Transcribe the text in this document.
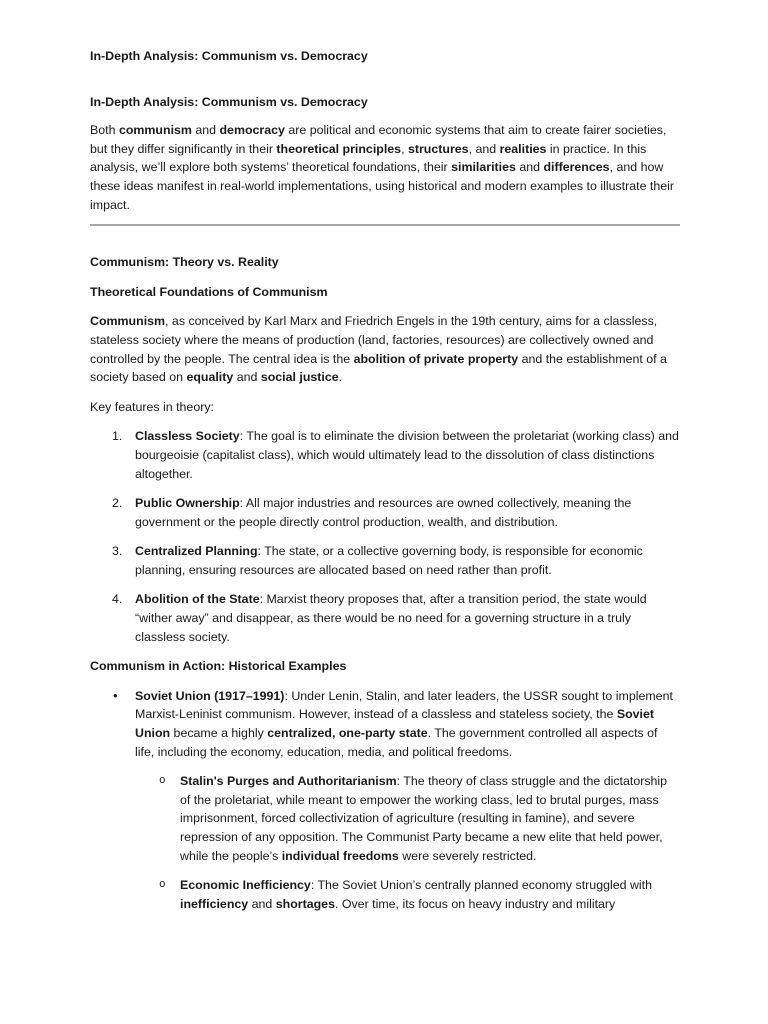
In-Depth Analysis: Communism vs. Democracy

In-Depth Analysis: Communism vs. Democracy

Both communism and democracy are political and economic systems that aim to create fairer societies, but they differ significantly in their theoretical principles, structures, and realities in practice. In this analysis, we’ll explore both systems’ theoretical foundations, their similarities and differences, and how these ideas manifest in real-world implementations, using historical and modern examples to illustrate their impact.

Communism: Theory vs. Reality

Theoretical Foundations of Communism

Communism, as conceived by Karl Marx and Friedrich Engels in the 19th century, aims for a classless, stateless society where the means of production (land, factories, resources) are collectively owned and controlled by the people. The central idea is the abolition of private property and the establishment of a society based on equality and social justice.

Key features in theory:

1. Classless Society: The goal is to eliminate the division between the proletariat (working class) and bourgeoisie (capitalist class), which would ultimately lead to the dissolution of class distinctions altogether.
2. Public Ownership: All major industries and resources are owned collectively, meaning the government or the people directly control production, wealth, and distribution.
3. Centralized Planning: The state, or a collective governing body, is responsible for economic planning, ensuring resources are allocated based on need rather than profit.
4. Abolition of the State: Marxist theory proposes that, after a transition period, the state would “wither away” and disappear, as there would be no need for a governing structure in a truly classless society.

Communism in Action: Historical Examples

• Soviet Union (1917–1991): Under Lenin, Stalin, and later leaders, the USSR sought to implement Marxist-Leninist communism. However, instead of a classless and stateless society, the Soviet Union became a highly centralized, one-party state. The government controlled all aspects of life, including the economy, education, media, and political freedoms.

o Stalin's Purges and Authoritarianism: The theory of class struggle and the dictatorship of the proletariat, while meant to empower the working class, led to brutal purges, mass imprisonment, forced collectivization of agriculture (resulting in famine), and severe repression of any opposition. The Communist Party became a new elite that held power, while the people’s individual freedoms were severely restricted.

o Economic Inefficiency: The Soviet Union’s centrally planned economy struggled with inefficiency and shortages. Over time, its focus on heavy industry and military
